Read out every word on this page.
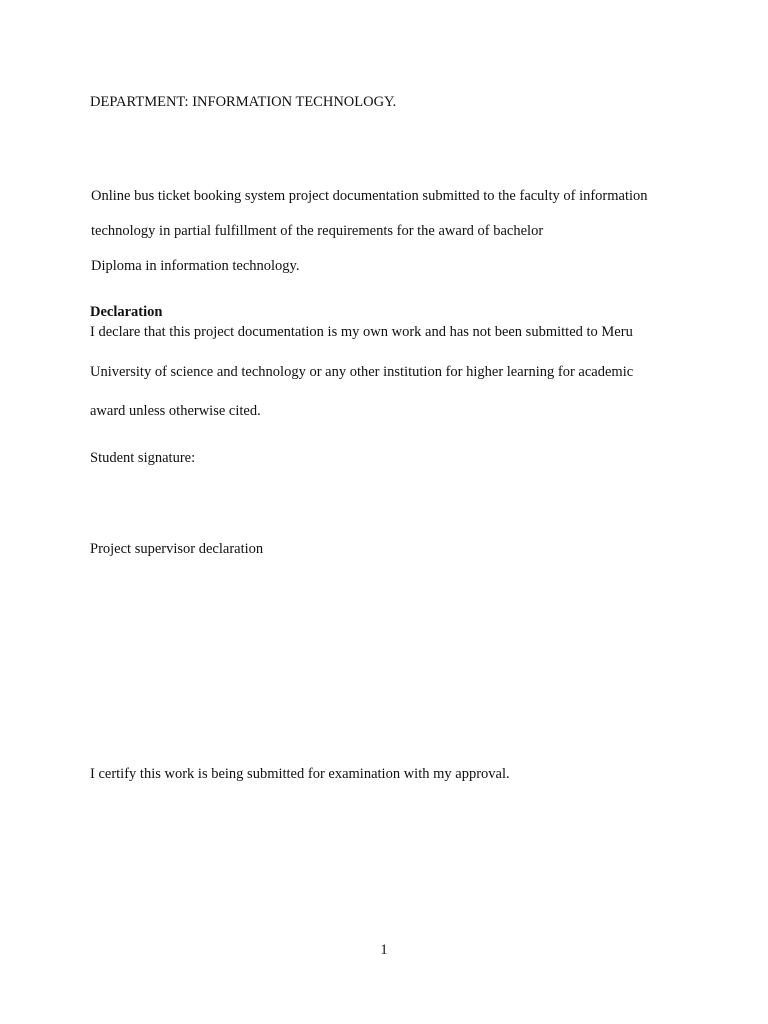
DEPARTMENT: INFORMATION TECHNOLOGY.
Online bus ticket booking system project documentation submitted to the faculty of information
technology in partial fulfillment of the requirements for the award of bachelor
Diploma in information technology.
Declaration
I declare that this project documentation is my own work and has not been submitted to Meru
University of science and technology or any other institution for higher learning for academic
award unless otherwise cited.
Student signature:
Project supervisor declaration
I certify this work is being submitted for examination with my approval.
1
